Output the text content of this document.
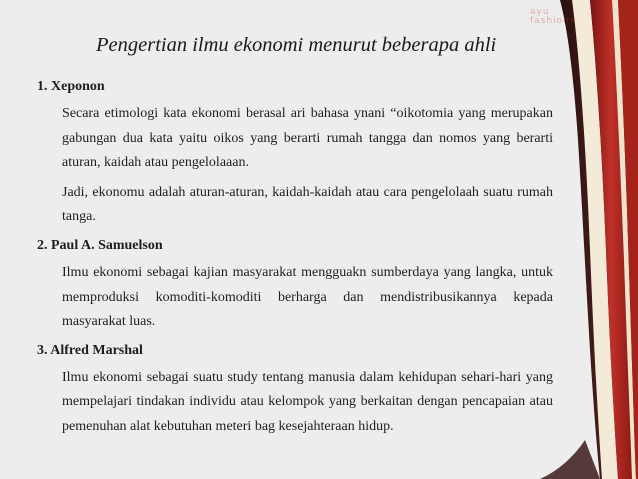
ayu
fashions
Pengertian ilmu ekonomi menurut beberapa ahli

1. Xeponon

Secara etimologi kata ekonomi berasal ari bahasa ynani “oikotomia yang merupakan gabungan dua kata yaitu oikos yang berarti rumah tangga dan nomos yang berarti aturan, kaidah atau pengelolaaan.

Jadi, ekonomu adalah aturan-aturan, kaidah-kaidah atau cara pengelolaah suatu rumah tanga.

2. Paul A. Samuelson

Ilmu ekonomi sebagai kajian masyarakat mengguakn sumberdaya yang langka, untuk memproduksi komoditi-komoditi berharga dan mendistribusikannya kepada masyarakat luas.

3. Alfred Marshal

Ilmu ekonomi sebagai suatu study tentang manusia dalam kehidupan sehari-hari yang mempelajari tindakan individu atau kelompok yang berkaitan dengan pencapaian atau pemenuhan alat kebutuhan meteri bag kesejahteraan hidup.
